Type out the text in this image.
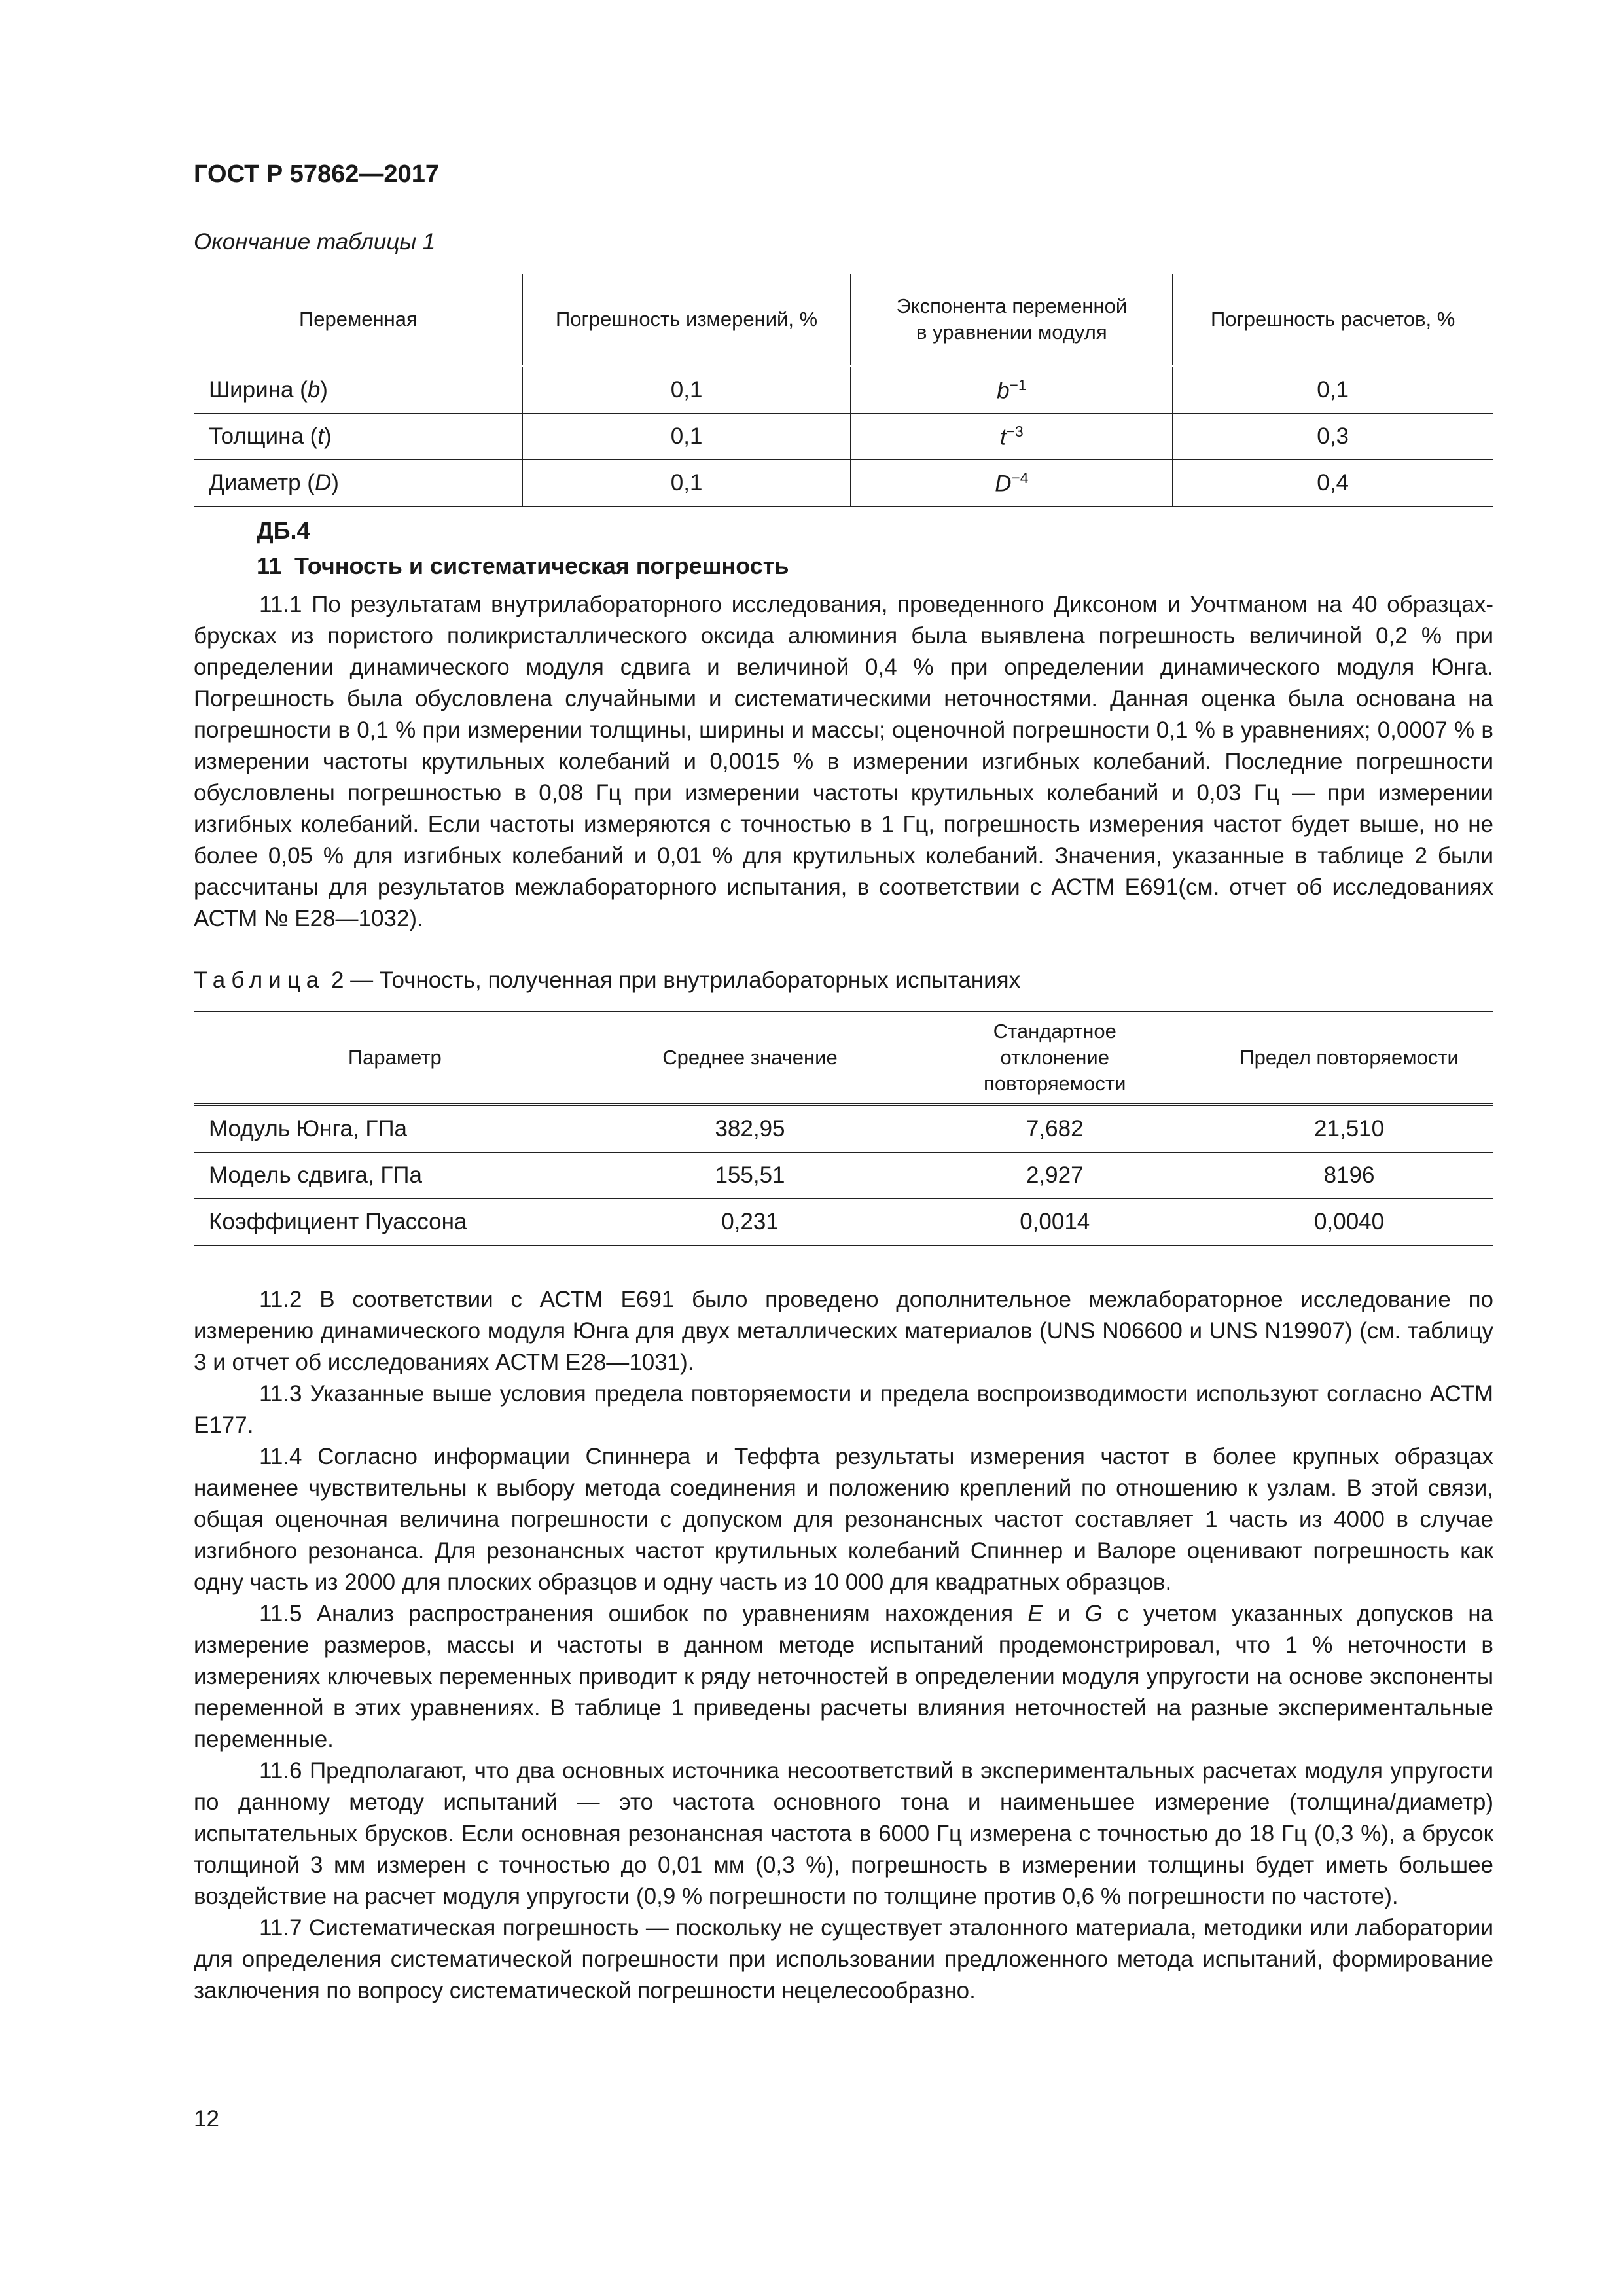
ГОСТ Р 57862—2017
Окончание таблицы 1
Переменная	Погрешность измерений, %	Экспонента переменной в уравнении модуля	Погрешность расчетов, %
Ширина (b)	0,1	$b^{-1}$	0,1
Толщина (t)	0,1	$t^{-3}$	0,3
Диаметр (D)	0,1	$D^{-4}$	0,4
ДБ.4
11  Точность и систематическая погрешность

11.1 По результатам внутрилабораторного исследования, проведенного Диксоном и Уочтманом на 40 образцах-брусках из пористого поликристаллического оксида алюминия была выявлена погрешность величиной 0,2 % при определении динамического модуля сдвига и величиной 0,4 % при определении динамического модуля Юнга. Погрешность была обусловлена случайными и систематическими неточностями. Данная оценка была основана на погрешности в 0,1 % при измерении толщины, ширины и массы; оценочной погрешности 0,1 % в уравнениях; 0,0007 % в измерении частоты крутильных колебаний и 0,0015 % в измерении изгибных колебаний. Последние погрешности обусловлены погрешностью в 0,08 Гц при измерении частоты крутильных колебаний и 0,03 Гц — при измерении изгибных колебаний. Если частоты измеряются с точностью в 1 Гц, погрешность измерения частот будет выше, но не более 0,05 % для изгибных колебаний и 0,01 % для крутильных колебаний. Значения, указанные в таблице 2 были рассчитаны для результатов межлабораторного испытания, в соответствии с АСТМ Е691(см. отчет об исследованиях АСТМ № Е28—1032).

Таблица 2 — Точность, полученная при внутрилабораторных испытаниях
Параметр	Среднее значение	Стандартное отклонение повторяемости	Предел повторяемости
Модуль Юнга, ГПа	382,95	7,682	21,510
Модель сдвига, ГПа	155,51	2,927	8196
Коэффициент Пуассона	0,231	0,0014	0,0040

11.2 В соответствии с АСТМ Е691 было проведено дополнительное межлабораторное исследование по измерению динамического модуля Юнга для двух металлических материалов (UNS N06600 и UNS N19907) (см. таблицу 3 и отчет об исследованиях АСТМ Е28—1031).

11.3 Указанные выше условия предела повторяемости и предела воспроизводимости используют согласно АСТМ Е177.

11.4 Согласно информации Спиннера и Теффта результаты измерения частот в более крупных образцах наименее чувствительны к выбору метода соединения и положению креплений по отношению к узлам. В этой связи, общая оценочная величина погрешности с допуском для резонансных частот составляет 1 часть из 4000 в случае изгибного резонанса. Для резонансных частот крутильных колебаний Спиннер и Валоре оценивают погрешность как одну часть из 2000 для плоских образцов и одну часть из 10 000 для квадратных образцов.

11.5 Анализ распространения ошибок по уравнениям нахождения E и G с учетом указанных допусков на измерение размеров, массы и частоты в данном методе испытаний продемонстрировал, что 1 % неточности в измерениях ключевых переменных приводит к ряду неточностей в определении модуля упругости на основе экспоненты переменной в этих уравнениях. В таблице 1 приведены расчеты влияния неточностей на разные экспериментальные переменные.

11.6 Предполагают, что два основных источника несоответствий в экспериментальных расчетах модуля упругости по данному методу испытаний — это частота основного тона и наименьшее измерение (толщина/диаметр) испытательных брусков. Если основная резонансная частота в 6000 Гц измерена с точностью до 18 Гц (0,3 %), а брусок толщиной 3 мм измерен с точностью до 0,01 мм (0,3 %), погрешность в измерении толщины будет иметь большее воздействие на расчет модуля упругости (0,9 % погрешности по толщине против 0,6 % погрешности по частоте).

11.7 Систематическая погрешность — поскольку не существует эталонного материала, методики или лаборатории для определения систематической погрешности при использовании предложенного метода испытаний, формирование заключения по вопросу систематической погрешности нецелесообразно.

12
